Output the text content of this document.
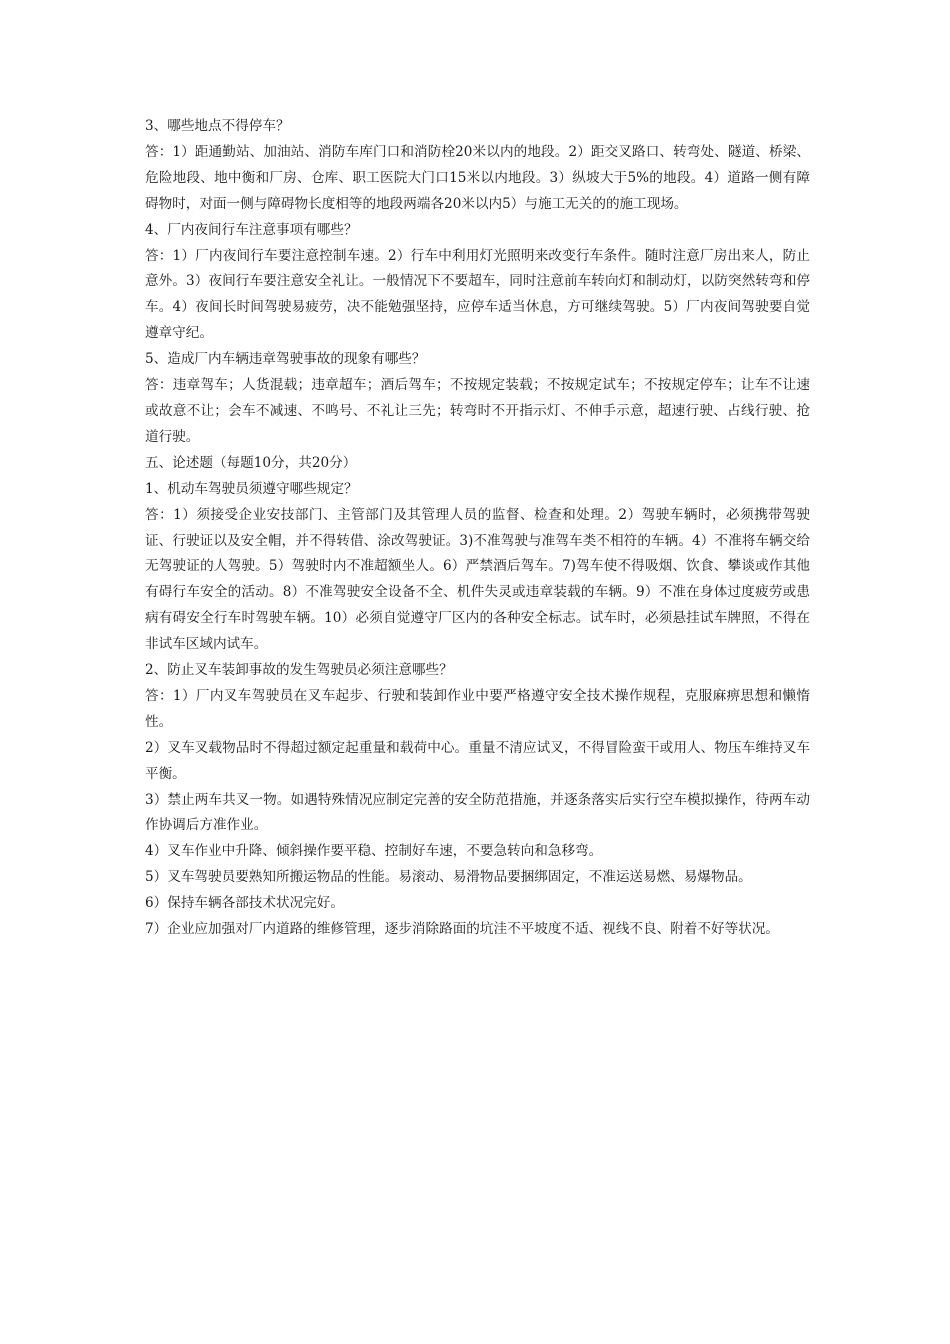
3、哪些地点不得停车？

答：1）距通勤站、加油站、消防车库门口和消防栓20米以内的地段。2）距交叉路口、转弯处、隧道、桥梁、危险地段、地中衡和厂房、仓库、职工医院大门口15米以内地段。3）纵坡大于5%的地段。4）道路一侧有障碍物时，对面一侧与障碍物长度相等的地段两端各20米以内5）与施工无关的的施工现场。

4、厂内夜间行车注意事项有哪些？

答：1）厂内夜间行车要注意控制车速。2）行车中利用灯光照明来改变行车条件。随时注意厂房出来人，防止意外。3）夜间行车要注意安全礼让。一般情况下不要超车，同时注意前车转向灯和制动灯，以防突然转弯和停车。4）夜间长时间驾驶易疲劳，决不能勉强坚持，应停车适当休息，方可继续驾驶。5）厂内夜间驾驶要自觉遵章守纪。

5、造成厂内车辆违章驾驶事故的现象有哪些？

答：违章驾车；人货混载；违章超车；酒后驾车；不按规定装载；不按规定试车；不按规定停车；让车不让速或故意不让；会车不减速、不鸣号、不礼让三先；转弯时不开指示灯、不伸手示意，超速行驶、占线行驶、抢道行驶。

五、论述题（每题10分，共20分）

1、机动车驾驶员须遵守哪些规定？

答：1）须接受企业安技部门、主管部门及其管理人员的监督、检查和处理。2）驾驶车辆时，必须携带驾驶证、行驶证以及安全帽，并不得转借、涂改驾驶证。3)不准驾驶与准驾车类不相符的车辆。4）不准将车辆交给无驾驶证的人驾驶。5）驾驶时内不准超额坐人。6）严禁酒后驾车。7)驾车使不得吸烟、饮食、攀谈或作其他有碍行车安全的活动。8）不准驾驶安全设备不全、机件失灵或违章装载的车辆。9）不准在身体过度疲劳或患病有碍安全行车时驾驶车辆。10）必须自觉遵守厂区内的各种安全标志。试车时，必须悬挂试车牌照，不得在非试车区域内试车。

2、防止叉车装卸事故的发生驾驶员必须注意哪些？

答：1）厂内叉车驾驶员在叉车起步、行驶和装卸作业中要严格遵守安全技术操作规程，克服麻痹思想和懒惰性。

2）叉车叉载物品时不得超过额定起重量和载荷中心。重量不清应试叉，不得冒险蛮干或用人、物压车维持叉车平衡。

3）禁止两车共叉一物。如遇特殊情况应制定完善的安全防范措施，并逐条落实后实行空车模拟操作，待两车动作协调后方准作业。

4）叉车作业中升降、倾斜操作要平稳、控制好车速，不要急转向和急移弯。

5）叉车驾驶员要熟知所搬运物品的性能。易滚动、易滑物品要捆绑固定，不准运送易燃、易爆物品。

6）保持车辆各部技术状况完好。

7）企业应加强对厂内道路的维修管理，逐步消除路面的坑洼不平坡度不适、视线不良、附着不好等状况。
